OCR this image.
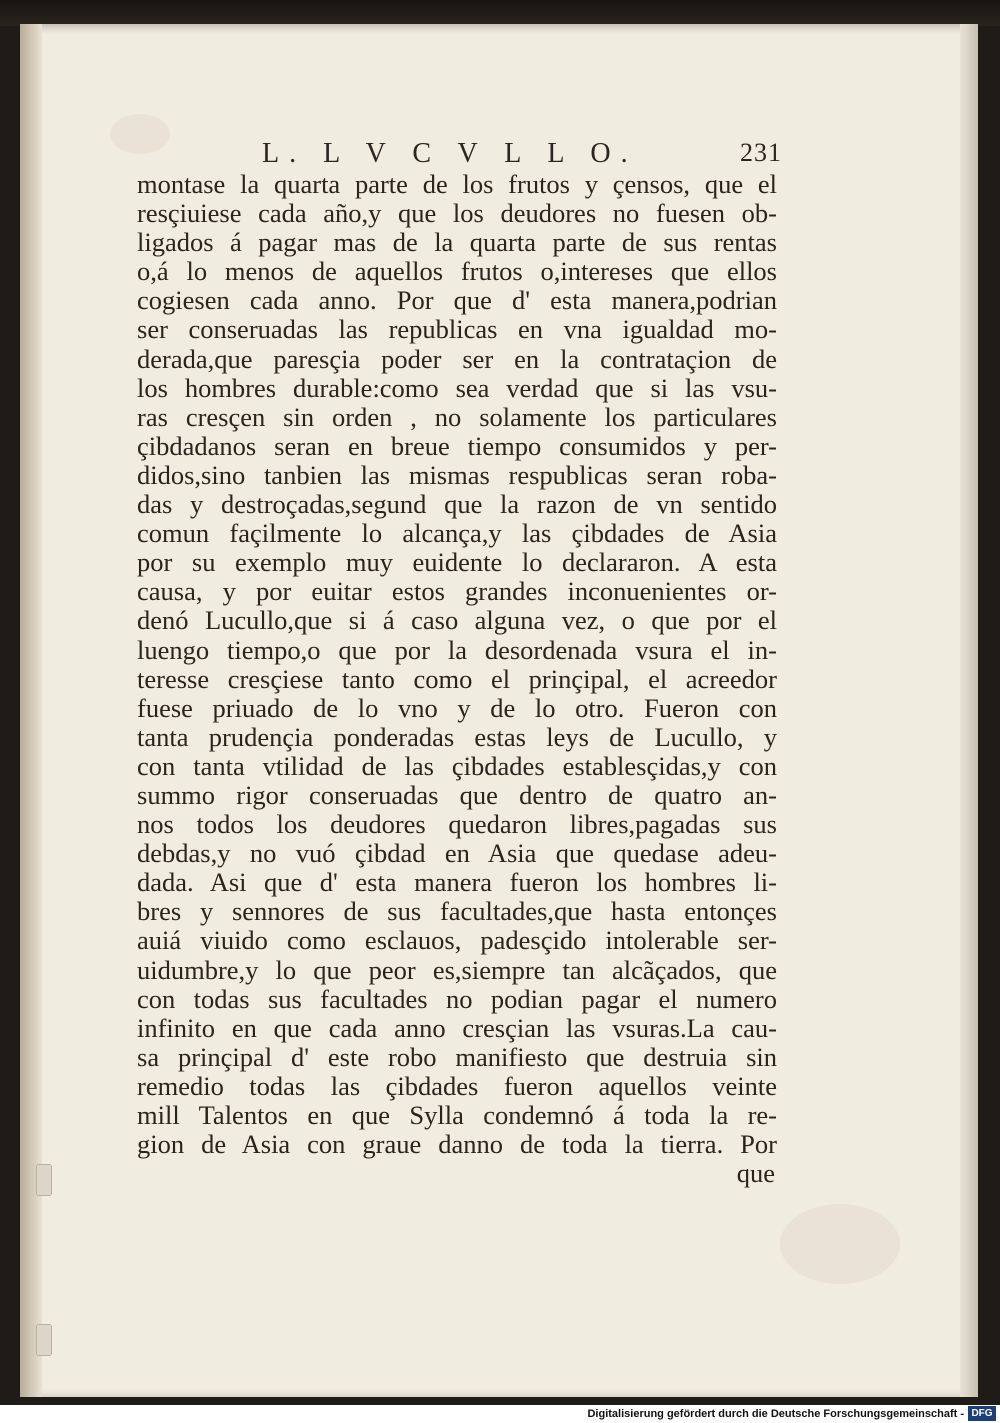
L. L V C V L L O.	231
montase la quarta parte de los frutos y çensos, que el
resçiuiese cada año,y que los deudores no fuesen ob-
ligados á pagar mas de la quarta parte de sus rentas
o,á lo menos de aquellos frutos o,intereses que ellos
cogiesen cada anno. Por que d' esta manera,podrian
ser conseruadas las republicas en vna igualdad mo-
derada,que paresçia poder ser en la contrataçion de
los hombres durable:como sea verdad que si las vsu-
ras cresçen sin orden , no solamente los particulares
çibdadanos seran en breue tiempo consumidos y per-
didos,sino tanbien las mismas respublicas seran roba-
das y destroçadas,segund que la razon de vn sentido
comun façilmente lo alcança,y las çibdades de Asia
por su exemplo muy euidente lo declararon. A esta
causa, y por euitar estos grandes inconuenientes or-
denó Lucullo,que si á caso alguna vez, o que por el
luengo tiempo,o que por la desordenada vsura el in-
teresse cresçiese tanto como el prinçipal, el acreedor
fuese priuado de lo vno y de lo otro. Fueron con
tanta prudençia ponderadas estas leys de Lucullo, y
con tanta vtilidad de las çibdades establesçidas,y con
summo rigor conseruadas que dentro de quatro an-
nos todos los deudores quedaron libres,pagadas sus
debdas,y no vuó çibdad en Asia que quedase adeu-
dada. Asi que d' esta manera fueron los hombres li-
bres y sennores de sus facultades,que hasta entonçes
auiá viuido como esclauos, padesçido intolerable ser-
uidumbre,y lo que peor es,siempre tan alcãçados, que
con todas sus facultades no podian pagar el numero
infinito en que cada anno cresçian las vsuras.La cau-
sa prinçipal d' este robo manifiesto que destruia sin
remedio todas las çibdades fueron aquellos veinte
mill Talentos en que Sylla condemnó á toda la re-
gion de Asia con graue danno de toda la tierra. Por
que
Digitalisierung gefördert durch die Deutsche Forschungsgemeinschaft - DFG
